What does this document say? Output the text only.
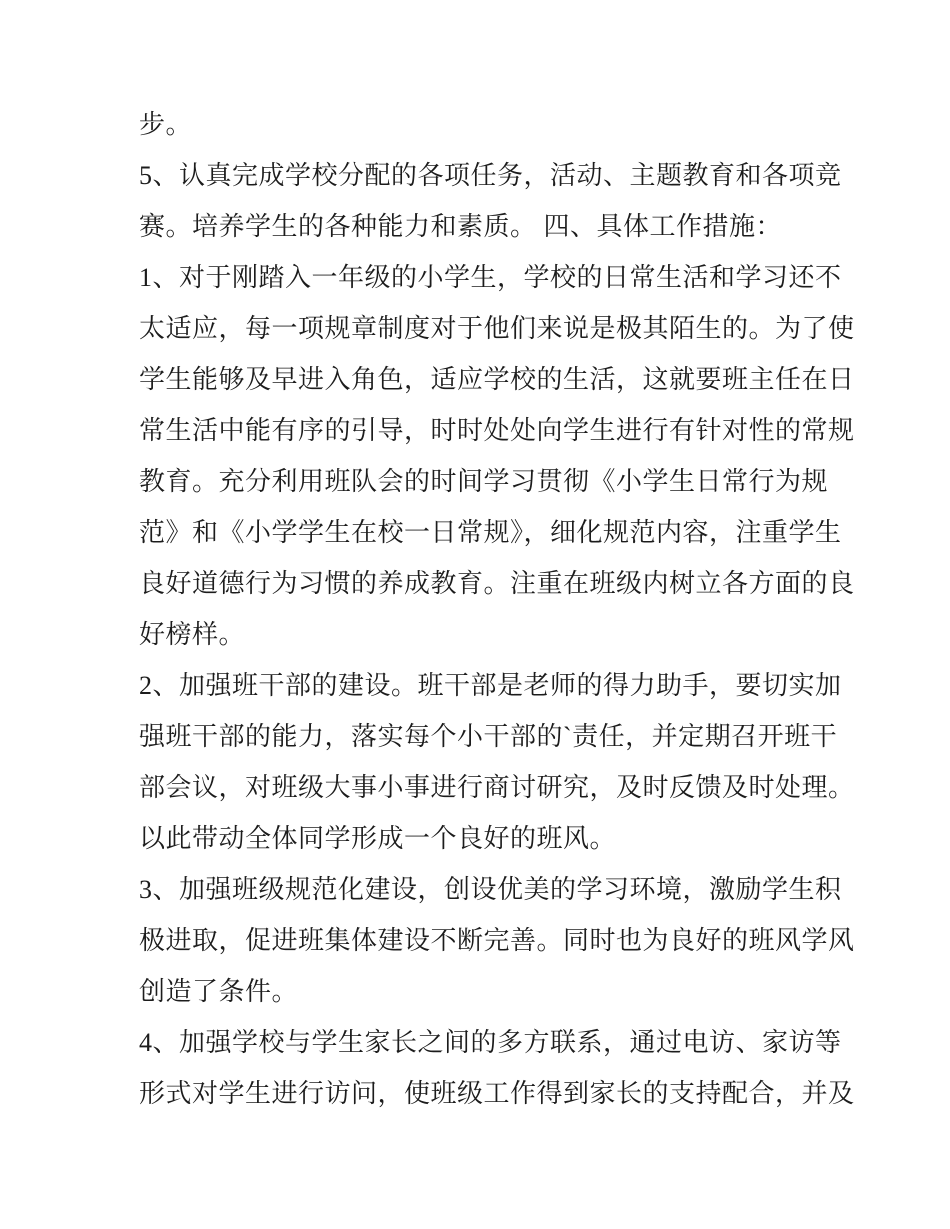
步。
5、认真完成学校分配的各项任务，活动、主题教育和各项竞
赛。培养学生的各种能力和素质。 四、具体工作措施：
1、对于刚踏入一年级的小学生，学校的日常生活和学习还不
太适应，每一项规章制度对于他们来说是极其陌生的。为了使
学生能够及早进入角色，适应学校的生活，这就要班主任在日
常生活中能有序的引导，时时处处向学生进行有针对性的常规
教育。充分利用班队会的时间学习贯彻《小学生日常行为规
范》和《小学学生在校一日常规》，细化规范内容，注重学生
良好道德行为习惯的养成教育。注重在班级内树立各方面的良
好榜样。
2、加强班干部的建设。班干部是老师的得力助手，要切实加
强班干部的能力，落实每个小干部的`责任，并定期召开班干
部会议，对班级大事小事进行商讨研究，及时反馈及时处理。
以此带动全体同学形成一个良好的班风。
3、加强班级规范化建设，创设优美的学习环境，激励学生积
极进取，促进班集体建设不断完善。同时也为良好的班风学风
创造了条件。
4、加强学校与学生家长之间的多方联系，通过电访、家访等
形式对学生进行访问，使班级工作得到家长的支持配合，并及
